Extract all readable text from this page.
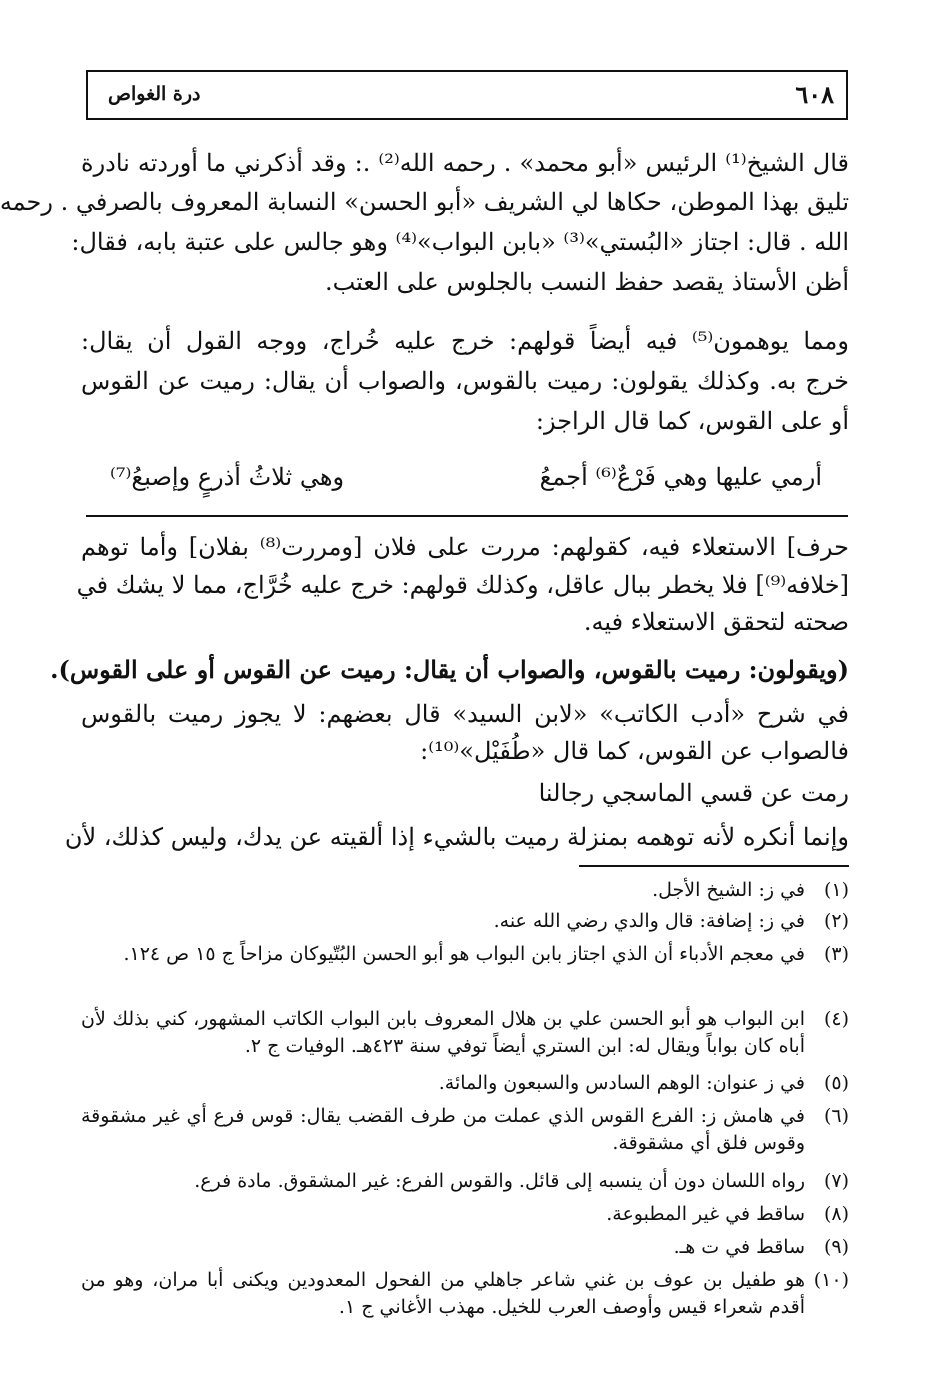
٦٠٨
درة الغواص
قال الشيخ⁽¹⁾ الرئيس «أبو محمد» . رحمه الله⁽²⁾ .: وقد أذكرني ما أوردته نادرة
تليق بهذا الموطن، حكاها لي الشريف «أبو الحسن» النسابة المعروف بالصرفي . رحمه
الله . قال: اجتاز «البُستي»⁽³⁾ «بابن البواب»⁽⁴⁾ وهو جالس على عتبة بابه، فقال:
أظن الأستاذ يقصد حفظ النسب بالجلوس على العتب.
ومما يوهمون⁽⁵⁾ فيه أيضاً قولهم: خرج عليه خُراج، ووجه القول أن يقال:
خرج به. وكذلك يقولون: رميت بالقوس، والصواب أن يقال: رميت عن القوس
أو على القوس، كما قال الراجز:
أرمي عليها وهي فَرْعٌ⁽⁶⁾ أجمعُ
وهي ثلاثُ أذرعٍ وإصبعُ⁽⁷⁾
حرف] الاستعلاء فيه، كقولهم: مررت على فلان [ومررت⁽⁸⁾ بفلان] وأما توهم
[خلافه⁽⁹⁾] فلا يخطر ببال عاقل، وكذلك قولهم: خرج عليه خُرَّاج، مما لا يشك في
صحته لتحقق الاستعلاء فيه.
(ويقولون: رميت بالقوس، والصواب أن يقال: رميت عن القوس أو على القوس).
في شرح «أدب الكاتب» «لابن السيد» قال بعضهم: لا يجوز رميت بالقوس
فالصواب عن القوس، كما قال «طُفَيْل»⁽¹⁰⁾:
رمت عن قسي الماسجي رجالنا
وإنما أنكره لأنه توهمه بمنزلة رميت بالشيء إذا ألقيته عن يدك، وليس كذلك، لأن
(١)
في ز: الشيخ الأجل.
(٢)
في ز: إضافة: قال والدي رضي الله عنه.
(٣)
في معجم الأدباء أن الذي اجتاز بابن البواب هو أبو الحسن البُتّيوكان مزاحاً ج ١٥ ص ١٢٤.
(٤)
ابن البواب هو أبو الحسن علي بن هلال المعروف بابن البواب الكاتب المشهور، كني بذلك لأن أباه كان بواباً ويقال له: ابن الستري أيضاً توفي سنة ٤٢٣هـ. الوفيات ج ٢.
(٥)
في ز عنوان: الوهم السادس والسبعون والمائة.
(٦)
في هامش ز: الفرع القوس الذي عملت من طرف القضب يقال: قوس فرع أي غير مشقوقة وقوس فلق أي مشقوقة.
(٧)
رواه اللسان دون أن ينسبه إلى قائل. والقوس الفرع: غير المشقوق. مادة فرع.
(٨)
ساقط في غير المطبوعة.
(٩)
ساقط في ت هـ.
(١٠)
هو طفيل بن عوف بن غني شاعر جاهلي من الفحول المعدودين ويكنى أبا مران، وهو من أقدم شعراء قيس وأوصف العرب للخيل. مهذب الأغاني ج ١.
